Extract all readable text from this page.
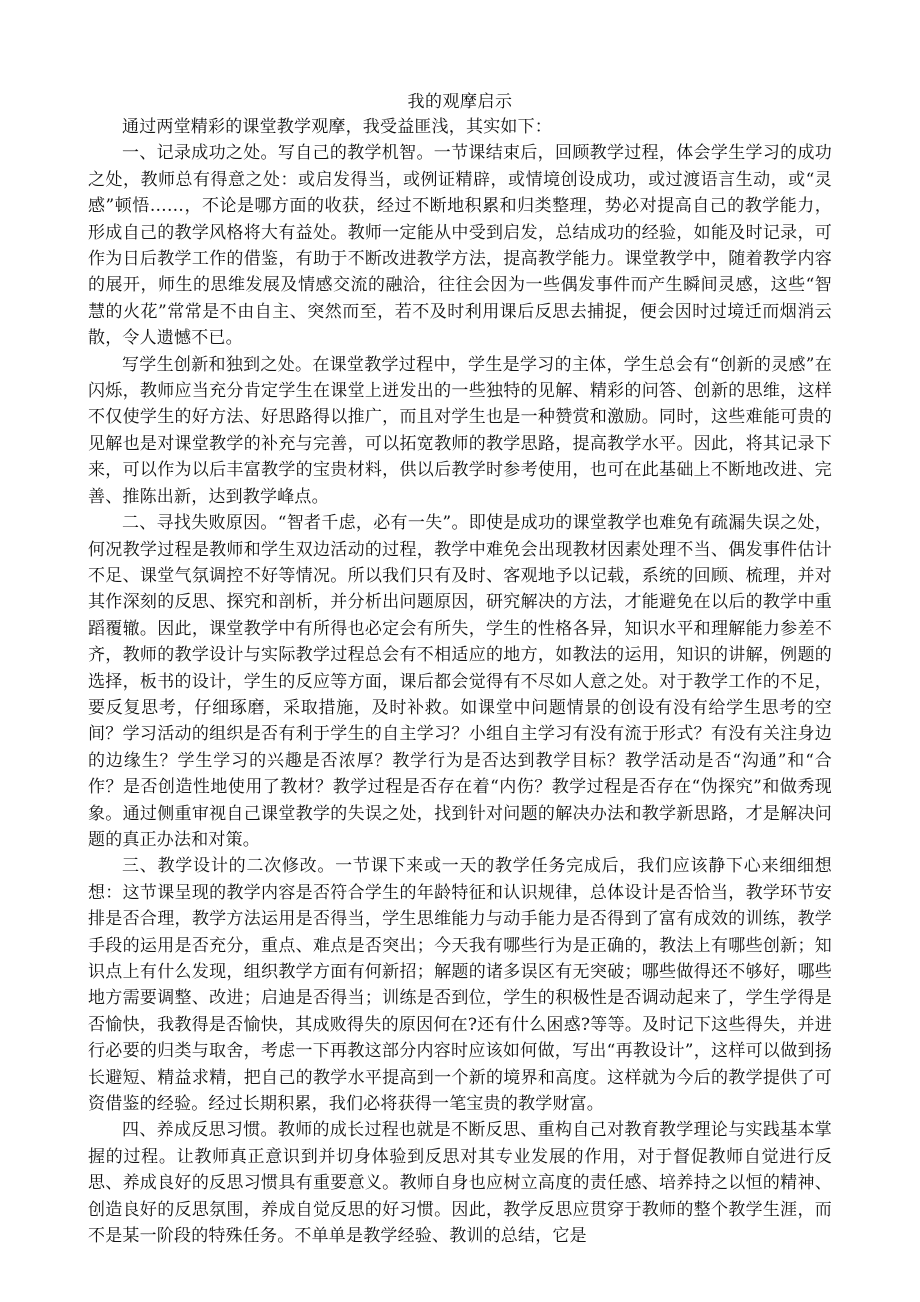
我的观摩启示

通过两堂精彩的课堂教学观摩，我受益匪浅，其实如下：

一、记录成功之处。写自己的教学机智。一节课结束后，回顾教学过程，体会学生学习的成功之处，教师总有得意之处：或启发得当，或例证精辟，或情境创设成功，或过渡语言生动，或“灵感”顿悟……，不论是哪方面的收获，经过不断地积累和归类整理，势必对提高自己的教学能力，形成自己的教学风格将大有益处。教师一定能从中受到启发，总结成功的经验，如能及时记录，可作为日后教学工作的借鉴，有助于不断改进教学方法，提高教学能力。课堂教学中，随着教学内容的展开，师生的思维发展及情感交流的融洽，往往会因为一些偶发事件而产生瞬间灵感，这些“智慧的火花”常常是不由自主、突然而至，若不及时利用课后反思去捕捉，便会因时过境迁而烟消云散，令人遗憾不已。

写学生创新和独到之处。在课堂教学过程中，学生是学习的主体，学生总会有“创新的灵感”在闪烁，教师应当充分肯定学生在课堂上迸发出的一些独特的见解、精彩的问答、创新的思维，这样不仅使学生的好方法、好思路得以推广，而且对学生也是一种赞赏和激励。同时，这些难能可贵的见解也是对课堂教学的补充与完善，可以拓宽教师的教学思路，提高教学水平。因此，将其记录下来，可以作为以后丰富教学的宝贵材料，供以后教学时参考使用，也可在此基础上不断地改进、完善、推陈出新，达到教学峰点。

二、寻找失败原因。“智者千虑，必有一失”。即使是成功的课堂教学也难免有疏漏失误之处，何况教学过程是教师和学生双边活动的过程，教学中难免会出现教材因素处理不当、偶发事件估计不足、课堂气氛调控不好等情况。所以我们只有及时、客观地予以记载，系统的回顾、梳理，并对其作深刻的反思、探究和剖析，并分析出问题原因，研究解决的方法，才能避免在以后的教学中重蹈覆辙。因此，课堂教学中有所得也必定会有所失，学生的性格各异，知识水平和理解能力参差不齐，教师的教学设计与实际教学过程总会有不相适应的地方，如教法的运用，知识的讲解，例题的选择，板书的设计，学生的反应等方面，课后都会觉得有不尽如人意之处。对于教学工作的不足，要反复思考，仔细琢磨，采取措施，及时补救。如课堂中问题情景的创设有没有给学生思考的空间？学习活动的组织是否有利于学生的自主学习？小组自主学习有没有流于形式？有没有关注身边的边缘生？学生学习的兴趣是否浓厚？教学行为是否达到教学目标？教学活动是否“沟通”和“合作？是否创造性地使用了教材？教学过程是否存在着“内伤？教学过程是否存在“伪探究”和做秀现象。通过侧重审视自己课堂教学的失误之处，找到针对问题的解决办法和教学新思路，才是解决问题的真正办法和对策。

三、教学设计的二次修改。一节课下来或一天的教学任务完成后，我们应该静下心来细细想想：这节课呈现的教学内容是否符合学生的年龄特征和认识规律，总体设计是否恰当，教学环节安排是否合理，教学方法运用是否得当，学生思维能力与动手能力是否得到了富有成效的训练，教学手段的运用是否充分，重点、难点是否突出；今天我有哪些行为是正确的，教法上有哪些创新；知识点上有什么发现，组织教学方面有何新招；解题的诸多误区有无突破；哪些做得还不够好，哪些地方需要调整、改进；启迪是否得当；训练是否到位，学生的积极性是否调动起来了，学生学得是否愉快，我教得是否愉快，其成败得失的原因何在?还有什么困惑?等等。及时记下这些得失，并进行必要的归类与取舍，考虑一下再教这部分内容时应该如何做，写出“再教设计”，这样可以做到扬长避短、精益求精，把自己的教学水平提高到一个新的境界和高度。这样就为今后的教学提供了可资借鉴的经验。经过长期积累，我们必将获得一笔宝贵的教学财富。

四、养成反思习惯。教师的成长过程也就是不断反思、重构自己对教育教学理论与实践基本掌握的过程。让教师真正意识到并切身体验到反思对其专业发展的作用，对于督促教师自觉进行反思、养成良好的反思习惯具有重要意义。教师自身也应树立高度的责任感、培养持之以恒的精神、创造良好的反思氛围，养成自觉反思的好习惯。因此，教学反思应贯穿于教师的整个教学生涯，而不是某一阶段的特殊任务。不单单是教学经验、教训的总结，它是
